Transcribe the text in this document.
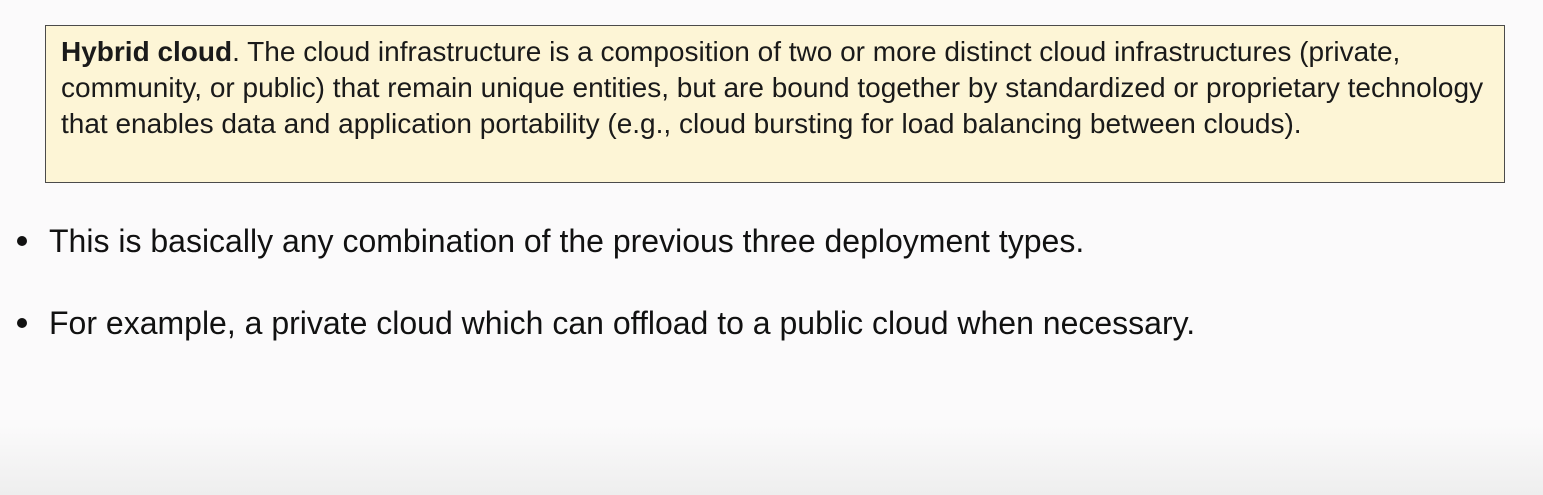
Hybrid cloud. The cloud infrastructure is a composition of two or more distinct cloud infrastructures (private, community, or public) that remain unique entities, but are bound together by standardized or proprietary technology that enables data and application portability (e.g., cloud bursting for load balancing between clouds).
This is basically any combination of the previous three deployment types.
For example, a private cloud which can offload to a public cloud when necessary.
